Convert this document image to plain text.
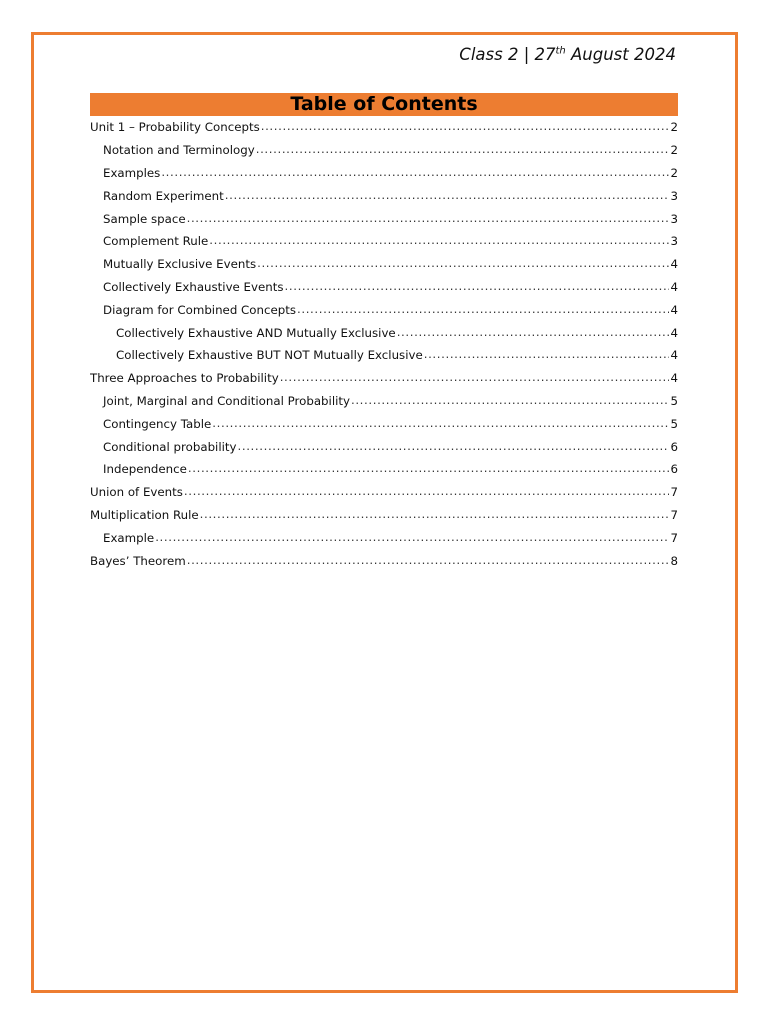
Class 2 | 27th August 2024
Table of Contents
Unit 1 – Probability Concepts .....	2
Notation and Terminology .....	2
Examples .....	2
Random Experiment .....	3
Sample space .....	3
Complement Rule .....	3
Mutually Exclusive Events .....	4
Collectively Exhaustive Events .....	4
Diagram for Combined Concepts .....	4
Collectively Exhaustive AND Mutually Exclusive .....	4
Collectively Exhaustive BUT NOT Mutually Exclusive .....	4
Three Approaches to Probability .....	4
Joint, Marginal and Conditional Probability .....	5
Contingency Table .....	5
Conditional probability .....	6
Independence .....	6
Union of Events .....	7
Multiplication Rule .....	7
Example .....	7
Bayes’ Theorem .....	8
